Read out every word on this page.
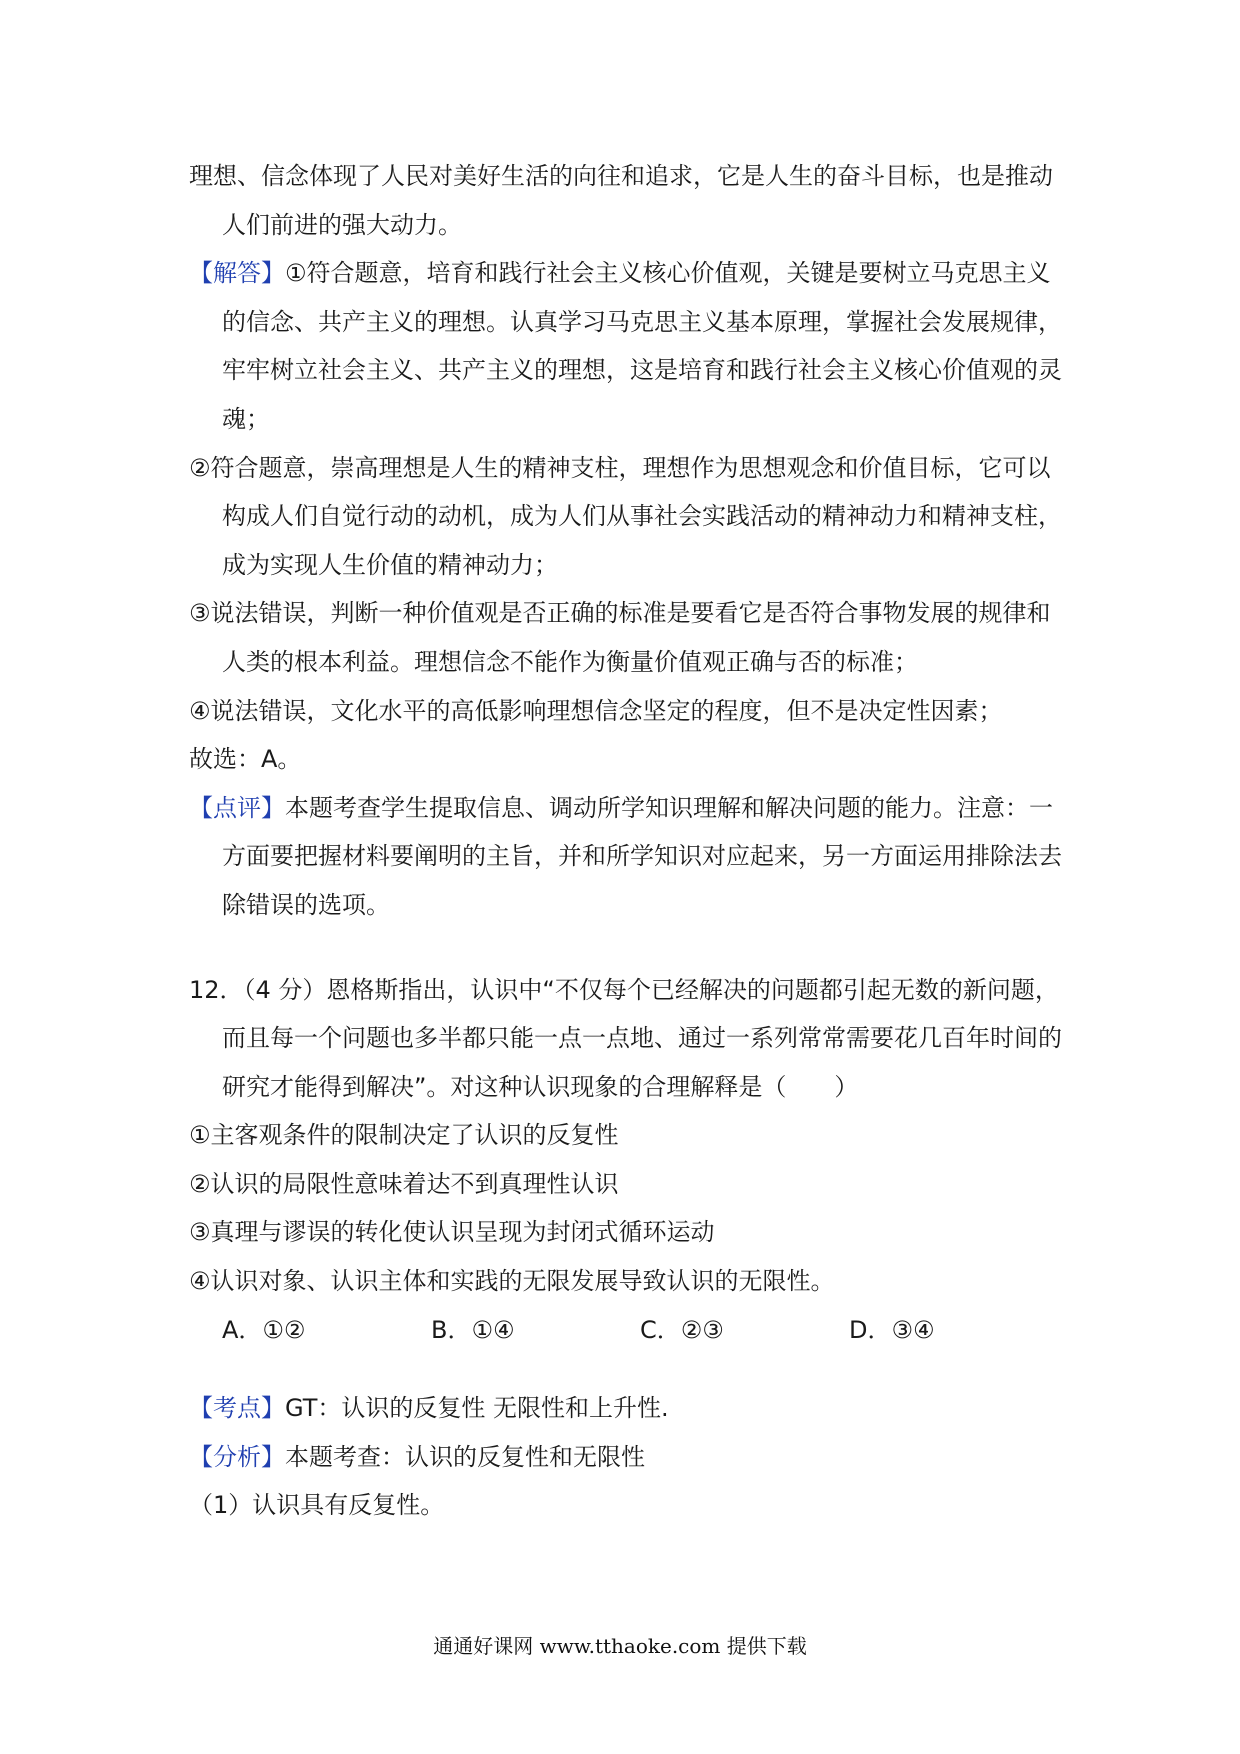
理想、信念体现了人民对美好生活的向往和追求，它是人生的奋斗目标，也是推动人们前进的强大动力。

【解答】①符合题意，培育和践行社会主义核心价值观，关键是要树立马克思主义的信念、共产主义的理想。认真学习马克思主义基本原理，掌握社会发展规律，牢牢树立社会主义、共产主义的理想，这是培育和践行社会主义核心价值观的灵魂；

②符合题意，崇高理想是人生的精神支柱，理想作为思想观念和价值目标，它可以构成人们自觉行动的动机，成为人们从事社会实践活动的精神动力和精神支柱，成为实现人生价值的精神动力；

③说法错误，判断一种价值观是否正确的标准是要看它是否符合事物发展的规律和人类的根本利益。理想信念不能作为衡量价值观正确与否的标准；

④说法错误，文化水平的高低影响理想信念坚定的程度，但不是决定性因素；

故选：A。

【点评】本题考查学生提取信息、调动所学知识理解和解决问题的能力。注意：一方面要把握材料要阐明的主旨，并和所学知识对应起来，另一方面运用排除法去除错误的选项。

12．（4 分）恩格斯指出，认识中“不仅每个已经解决的问题都引起无数的新问题，而且每一个问题也多半都只能一点一点地、通过一系列常常需要花几百年时间的研究才能得到解决”。对这种认识现象的合理解释是（　　）

①主客观条件的限制决定了认识的反复性

②认识的局限性意味着达不到真理性认识

③真理与谬误的转化使认识呈现为封闭式循环运动

④认识对象、认识主体和实践的无限发展导致认识的无限性。

A．①②	B．①④	C．②③	D．③④

【考点】GT：认识的反复性 无限性和上升性.

【分析】本题考查：认识的反复性和无限性

（1）认识具有反复性。

通通好课网 www.tthaoke.com 提供下载
